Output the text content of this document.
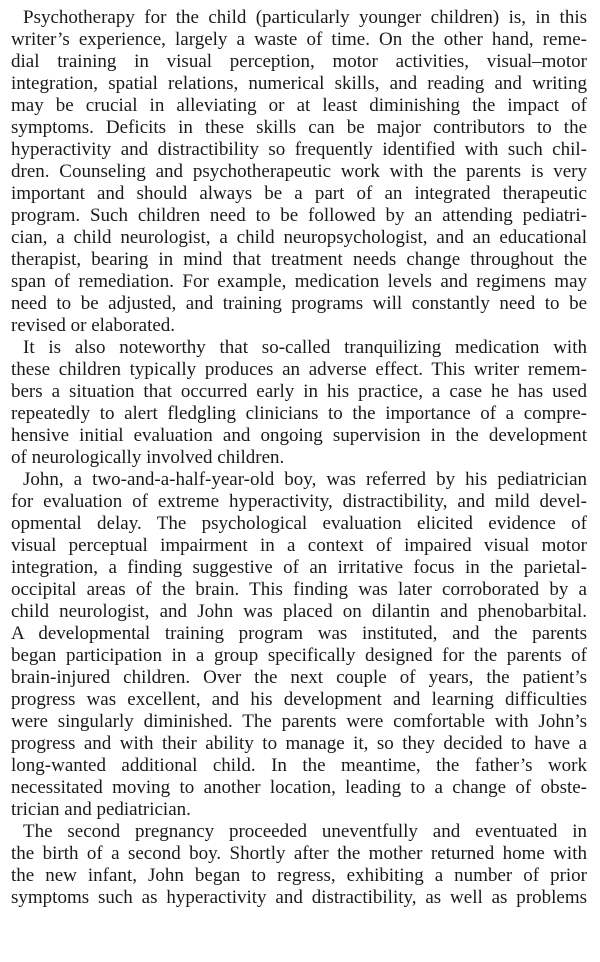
Psychotherapy for the child (particularly younger children) is, in this
writer’s experience, largely a waste of time. On the other hand, reme-
dial training in visual perception, motor activities, visual–motor
integration, spatial relations, numerical skills, and reading and writing
may be crucial in alleviating or at least diminishing the impact of
symptoms. Deficits in these skills can be major contributors to the
hyperactivity and distractibility so frequently identified with such chil-
dren. Counseling and psychotherapeutic work with the parents is very
important and should always be a part of an integrated therapeutic
program. Such children need to be followed by an attending pediatri-
cian, a child neurologist, a child neuropsychologist, and an educational
therapist, bearing in mind that treatment needs change throughout the
span of remediation. For example, medication levels and regimens may
need to be adjusted, and training programs will constantly need to be
revised or elaborated.
It is also noteworthy that so-called tranquilizing medication with
these children typically produces an adverse effect. This writer remem-
bers a situation that occurred early in his practice, a case he has used
repeatedly to alert fledgling clinicians to the importance of a compre-
hensive initial evaluation and ongoing supervision in the development
of neurologically involved children.
John, a two-and-a-half-year-old boy, was referred by his pediatrician
for evaluation of extreme hyperactivity, distractibility, and mild devel-
opmental delay. The psychological evaluation elicited evidence of
visual perceptual impairment in a context of impaired visual motor
integration, a finding suggestive of an irritative focus in the parietal-
occipital areas of the brain. This finding was later corroborated by a
child neurologist, and John was placed on dilantin and phenobarbital.
A developmental training program was instituted, and the parents
began participation in a group specifically designed for the parents of
brain-injured children. Over the next couple of years, the patient’s
progress was excellent, and his development and learning difficulties
were singularly diminished. The parents were comfortable with John’s
progress and with their ability to manage it, so they decided to have a
long-wanted additional child. In the meantime, the father’s work
necessitated moving to another location, leading to a change of obste-
trician and pediatrician.
The second pregnancy proceeded uneventfully and eventuated in
the birth of a second boy. Shortly after the mother returned home with
the new infant, John began to regress, exhibiting a number of prior
symptoms such as hyperactivity and distractibility, as well as problems
